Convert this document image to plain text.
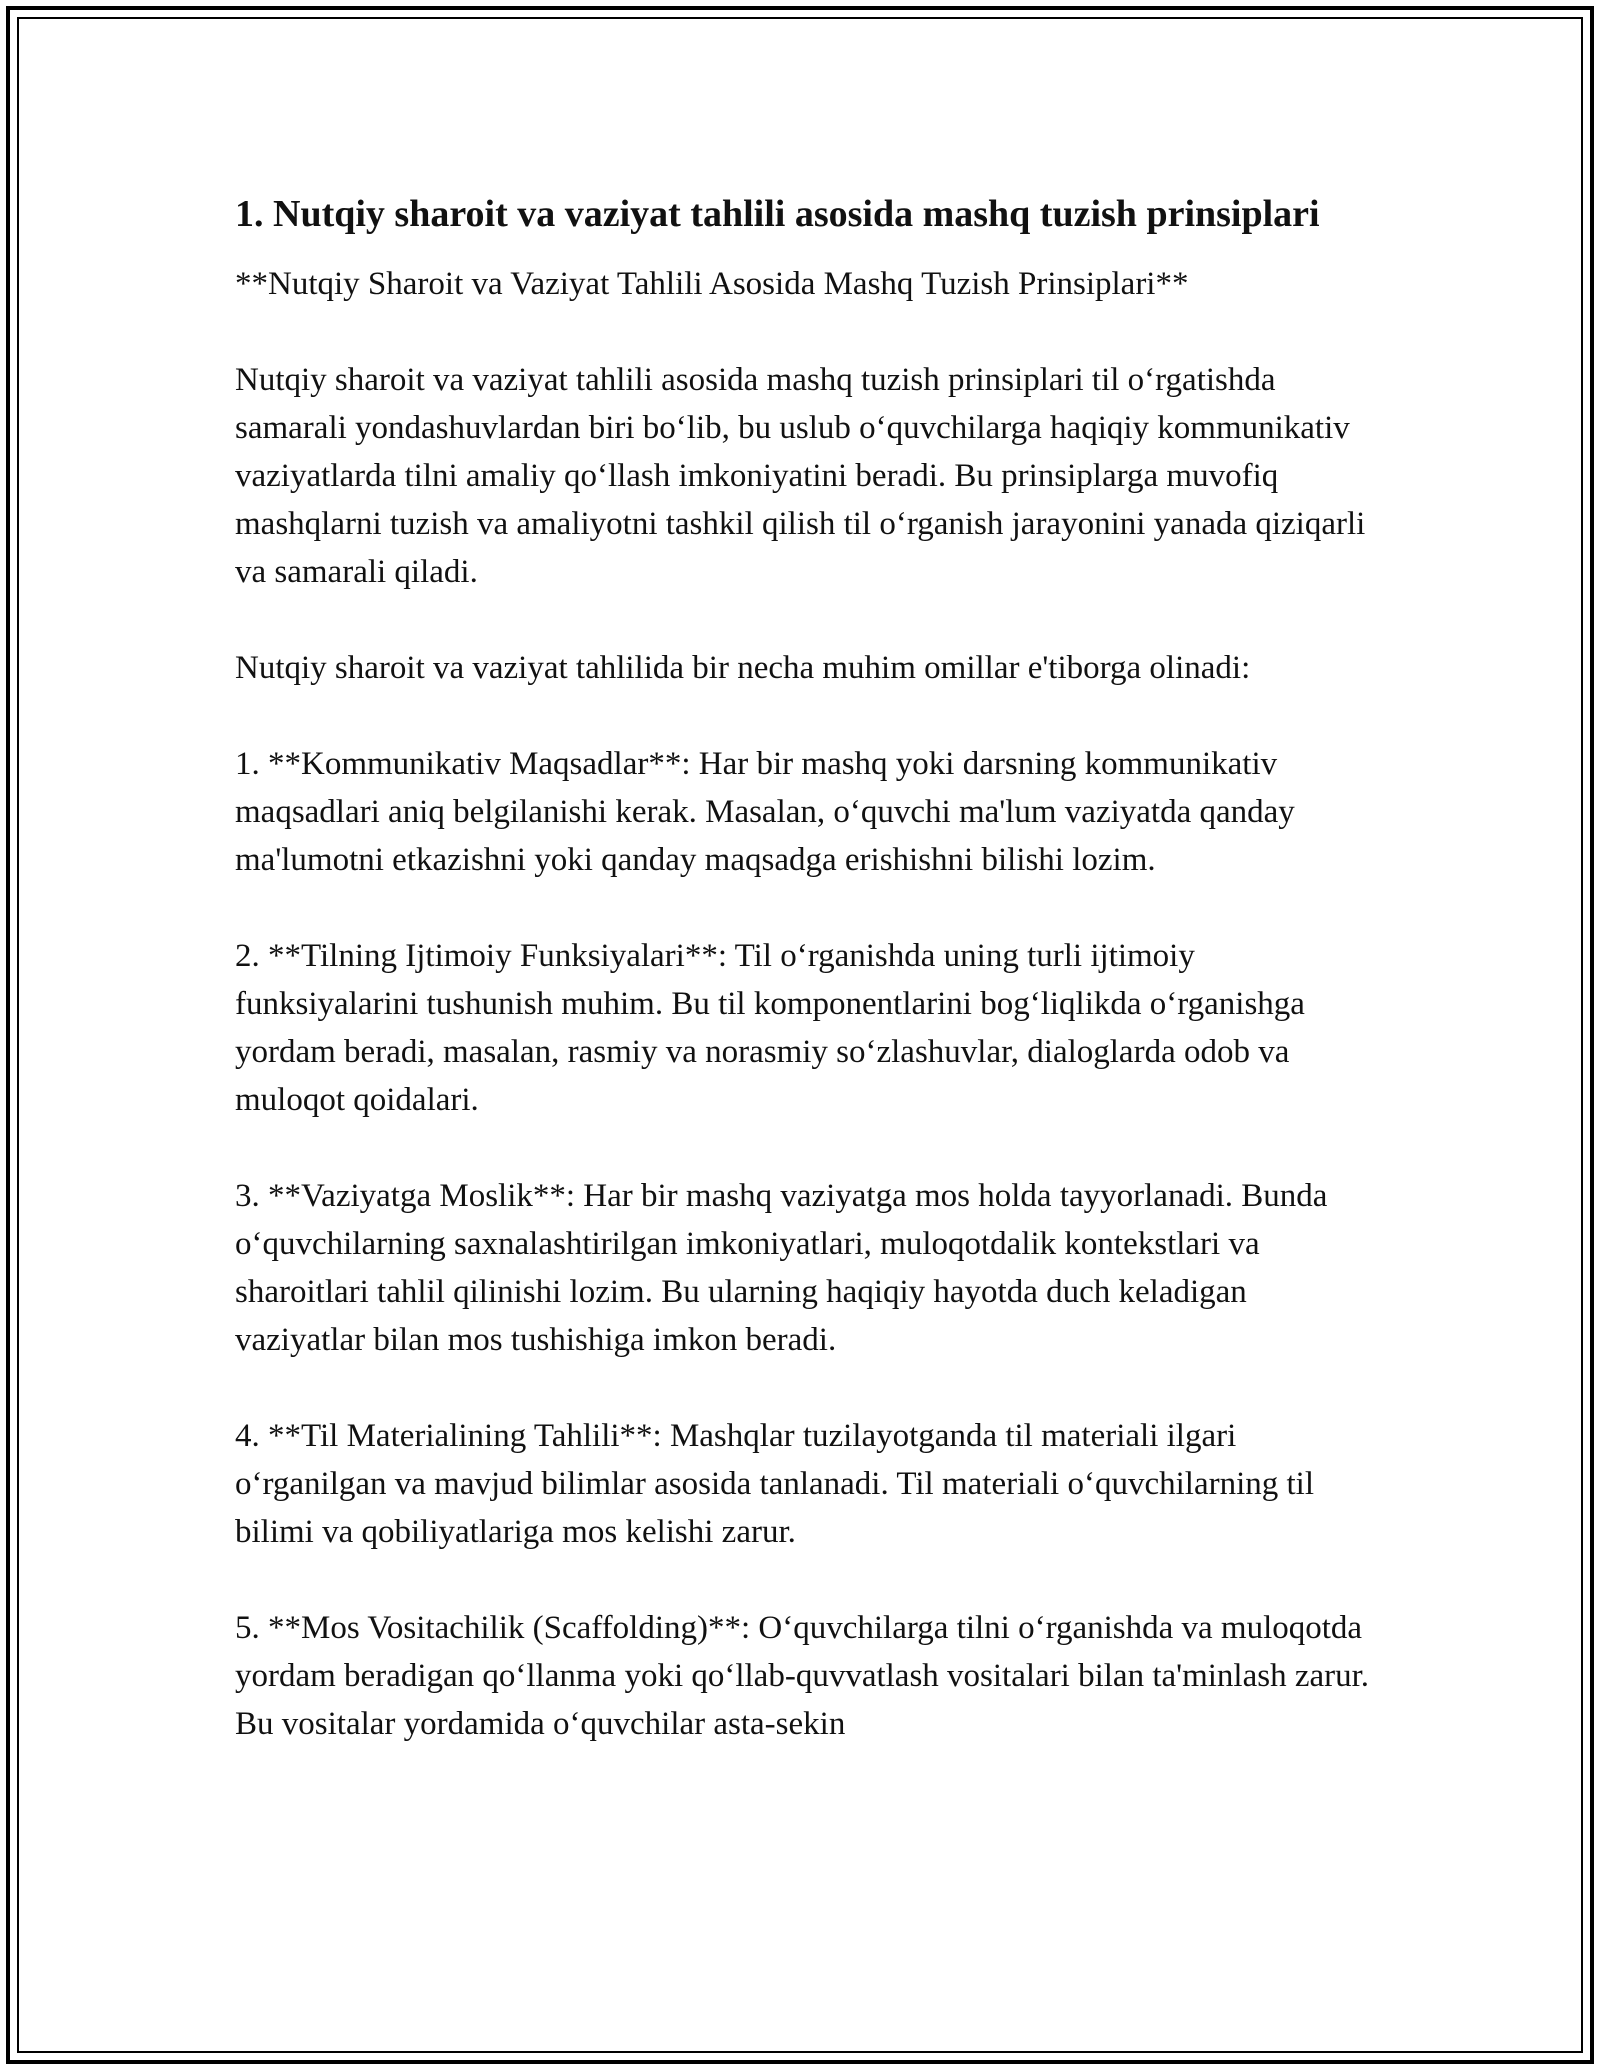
1. Nutqiy sharoit va vaziyat tahlili asosida mashq tuzish prinsiplari

**Nutqiy Sharoit va Vaziyat Tahlili Asosida Mashq Tuzish Prinsiplari**

Nutqiy sharoit va vaziyat tahlili asosida mashq tuzish prinsiplari til o‘rgatishda samarali yondashuvlardan biri bo‘lib, bu uslub o‘quvchilarga haqiqiy kommunikativ vaziyatlarda tilni amaliy qo‘llash imkoniyatini beradi. Bu prinsiplarga muvofiq mashqlarni tuzish va amaliyotni tashkil qilish til o‘rganish jarayonini yanada qiziqarli va samarali qiladi.

Nutqiy sharoit va vaziyat tahlilida bir necha muhim omillar e'tiborga olinadi:

1. **Kommunikativ Maqsadlar**: Har bir mashq yoki darsning kommunikativ maqsadlari aniq belgilanishi kerak. Masalan, o‘quvchi ma'lum vaziyatda qanday ma'lumotni etkazishni yoki qanday maqsadga erishishni bilishi lozim.

2. **Tilning Ijtimoiy Funksiyalari**: Til o‘rganishda uning turli ijtimoiy funksiyalarini tushunish muhim. Bu til komponentlarini bog‘liqlikda o‘rganishga yordam beradi, masalan, rasmiy va norasmiy so‘zlashuvlar, dialoglarda odob va muloqot qoidalari.

3. **Vaziyatga Moslik**: Har bir mashq vaziyatga mos holda tayyorlanadi. Bunda o‘quvchilarning saxnalashtirilgan imkoniyatlari, muloqotdalik kontekstlari va sharoitlari tahlil qilinishi lozim. Bu ularning haqiqiy hayotda duch keladigan vaziyatlar bilan mos tushishiga imkon beradi.

4. **Til Materialining Tahlili**: Mashqlar tuzilayotganda til materiali ilgari o‘rganilgan va mavjud bilimlar asosida tanlanadi. Til materiali o‘quvchilarning til bilimi va qobiliyatlariga mos kelishi zarur.

5. **Mos Vositachilik (Scaffolding)**: O‘quvchilarga tilni o‘rganishda va muloqotda yordam beradigan qo‘llanma yoki qo‘llab-quvvatlash vositalari bilan ta'minlash zarur. Bu vositalar yordamida o‘quvchilar asta-sekin
